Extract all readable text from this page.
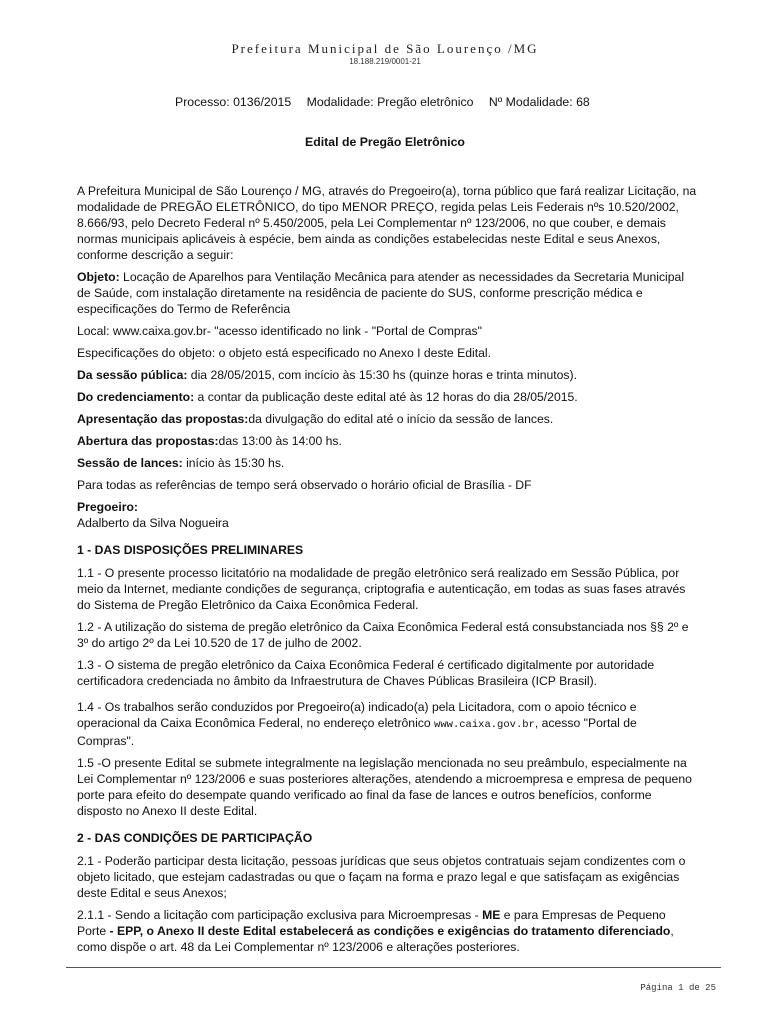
Prefeitura Municipal de São Lourenço /MG
18.188.219/0001-21
Processo: 0136/2015 Modalidade: Pregão eletrônico Nº Modalidade: 68
Edital de Pregão Eletrônico

A Prefeitura Municipal de São Lourenço / MG, através do Pregoeiro(a), torna público que fará realizar Licitação, na modalidade de PREGÃO ELETRÔNICO, do tipo MENOR PREÇO, regida pelas Leis Federais nºs 10.520/2002, 8.666/93, pelo Decreto Federal nº 5.450/2005, pela Lei Complementar nº 123/2006, no que couber, e demais normas municipais aplicáveis à espécie, bem ainda as condições estabelecidas neste Edital e seus Anexos, conforme descrição a seguir:

Objeto: Locação de Aparelhos para Ventilação Mecânica para atender as necessidades da Secretaria Municipal de Saúde, com instalação diretamente na residência de paciente do SUS, conforme prescrição médica e especificações do Termo de Referência

Local: www.caixa.gov.br- "acesso identificado no link - "Portal de Compras"

Especificações do objeto: o objeto está especificado no Anexo I deste Edital.

Da sessão pública: dia 28/05/2015, com incício às 15:30 hs (quinze horas e trinta minutos).

Do credenciamento: a contar da publicação deste edital até às 12 horas do dia 28/05/2015.

Apresentação das propostas:da divulgação do edital até o início da sessão de lances.

Abertura das propostas:das 13:00 às 14:00 hs.

Sessão de lances: início às 15:30 hs.

Para todas as referências de tempo será observado o horário oficial de Brasília - DF

Pregoeiro:

Adalberto da Silva Nogueira

1 - DAS DISPOSIÇÕES PRELIMINARES

1.1 - O presente processo licitatório na modalidade de pregão eletrônico será realizado em Sessão Pública, por meio da Internet, mediante condições de segurança, criptografia e autenticação, em todas as suas fases através do Sistema de Pregão Eletrônico da Caixa Econômica Federal.

1.2 - A utilização do sistema de pregão eletrônico da Caixa Econômica Federal está consubstanciada nos §§ 2º e 3º do artigo 2º da Lei 10.520 de 17 de julho de 2002.

1.3 - O sistema de pregão eletrônico da Caixa Econômica Federal é certificado digitalmente por autoridade certificadora credenciada no âmbito da Infraestrutura de Chaves Públicas Brasileira (ICP Brasil).

1.4 - Os trabalhos serão conduzidos por Pregoeiro(a) indicado(a) pela Licitadora, com o apoio técnico e operacional da Caixa Econômica Federal, no endereço eletrônico www.caixa.gov.br, acesso "Portal de Compras".

1.5 -O presente Edital se submete integralmente na legislação mencionada no seu preâmbulo, especialmente na Lei Complementar nº 123/2006 e suas posteriores alterações, atendendo a microempresa e empresa de pequeno porte para efeito do desempate quando verificado ao final da fase de lances e outros benefícios, conforme disposto no Anexo II deste Edital.

2 - DAS CONDIÇÕES DE PARTICIPAÇÃO

2.1 - Poderão participar desta licitação, pessoas jurídicas que seus objetos contratuais sejam condizentes com o objeto licitado, que estejam cadastradas ou que o façam na forma e prazo legal e que satisfaçam as exigências deste Edital e seus Anexos;

2.1.1 - Sendo a licitação com participação exclusiva para Microempresas - ME e para Empresas de Pequeno Porte - EPP, o Anexo II deste Edital estabelecerá as condições e exigências do tratamento diferenciado, como dispõe o art. 48 da Lei Complementar nº 123/2006 e alterações posteriores.

Página 1 de 25
